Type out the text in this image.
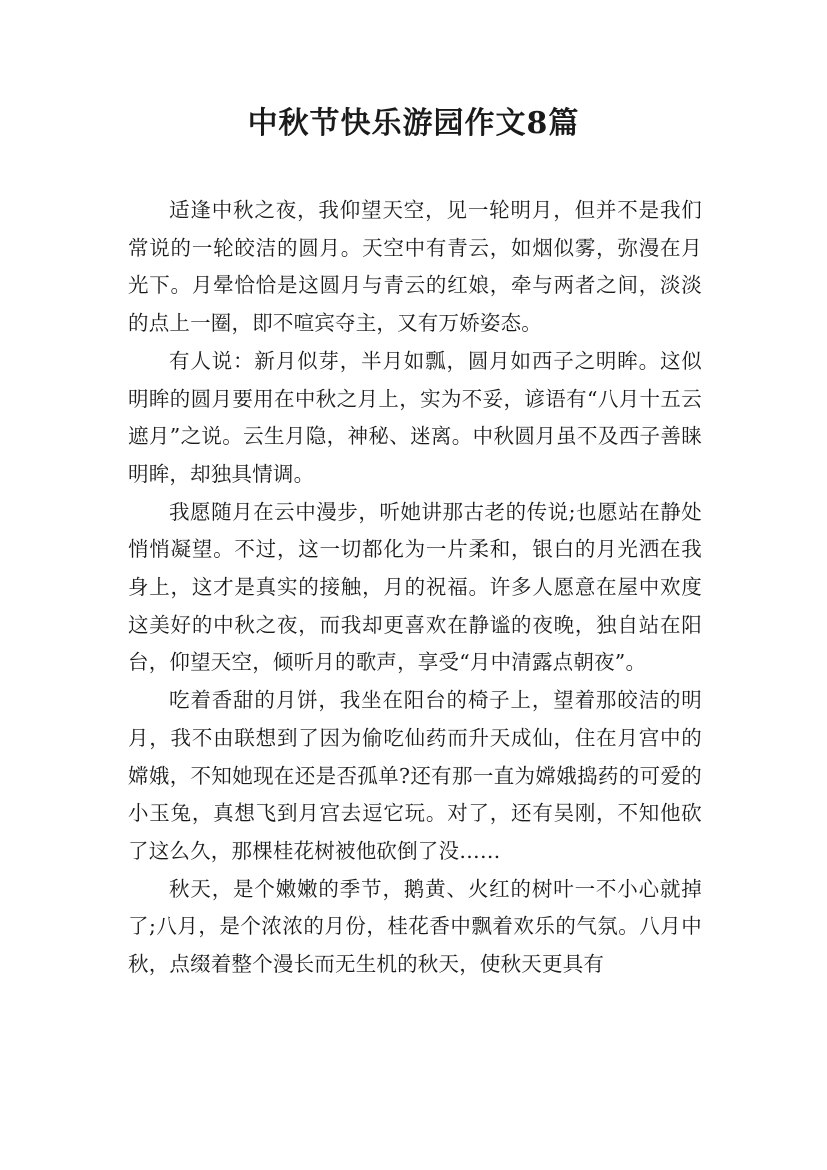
中秋节快乐游园作文8篇

适逢中秋之夜，我仰望天空，见一轮明月，但并不是我们常说的一轮皎洁的圆月。天空中有青云，如烟似雾，弥漫在月光下。月晕恰恰是这圆月与青云的红娘，牵与两者之间，淡淡的点上一圈，即不喧宾夺主，又有万娇姿态。

有人说：新月似芽，半月如瓢，圆月如西子之明眸。这似明眸的圆月要用在中秋之月上，实为不妥，谚语有“八月十五云遮月”之说。云生月隐，神秘、迷离。中秋圆月虽不及西子善睐明眸，却独具情调。

我愿随月在云中漫步，听她讲那古老的传说;也愿站在静处悄悄凝望。不过，这一切都化为一片柔和，银白的月光洒在我身上，这才是真实的接触，月的祝福。许多人愿意在屋中欢度这美好的中秋之夜，而我却更喜欢在静谧的夜晚，独自站在阳台，仰望天空，倾听月的歌声，享受“月中清露点朝夜”。

吃着香甜的月饼，我坐在阳台的椅子上，望着那皎洁的明月，我不由联想到了因为偷吃仙药而升天成仙，住在月宫中的嫦娥，不知她现在还是否孤单?还有那一直为嫦娥捣药的可爱的小玉兔，真想飞到月宫去逗它玩。对了，还有吴刚，不知他砍了这么久，那棵桂花树被他砍倒了没……

秋天，是个嫩嫩的季节，鹅黄、火红的树叶一不小心就掉了;八月，是个浓浓的月份，桂花香中飘着欢乐的气氛。八月中秋，点缀着整个漫长而无生机的秋天，使秋天更具有
